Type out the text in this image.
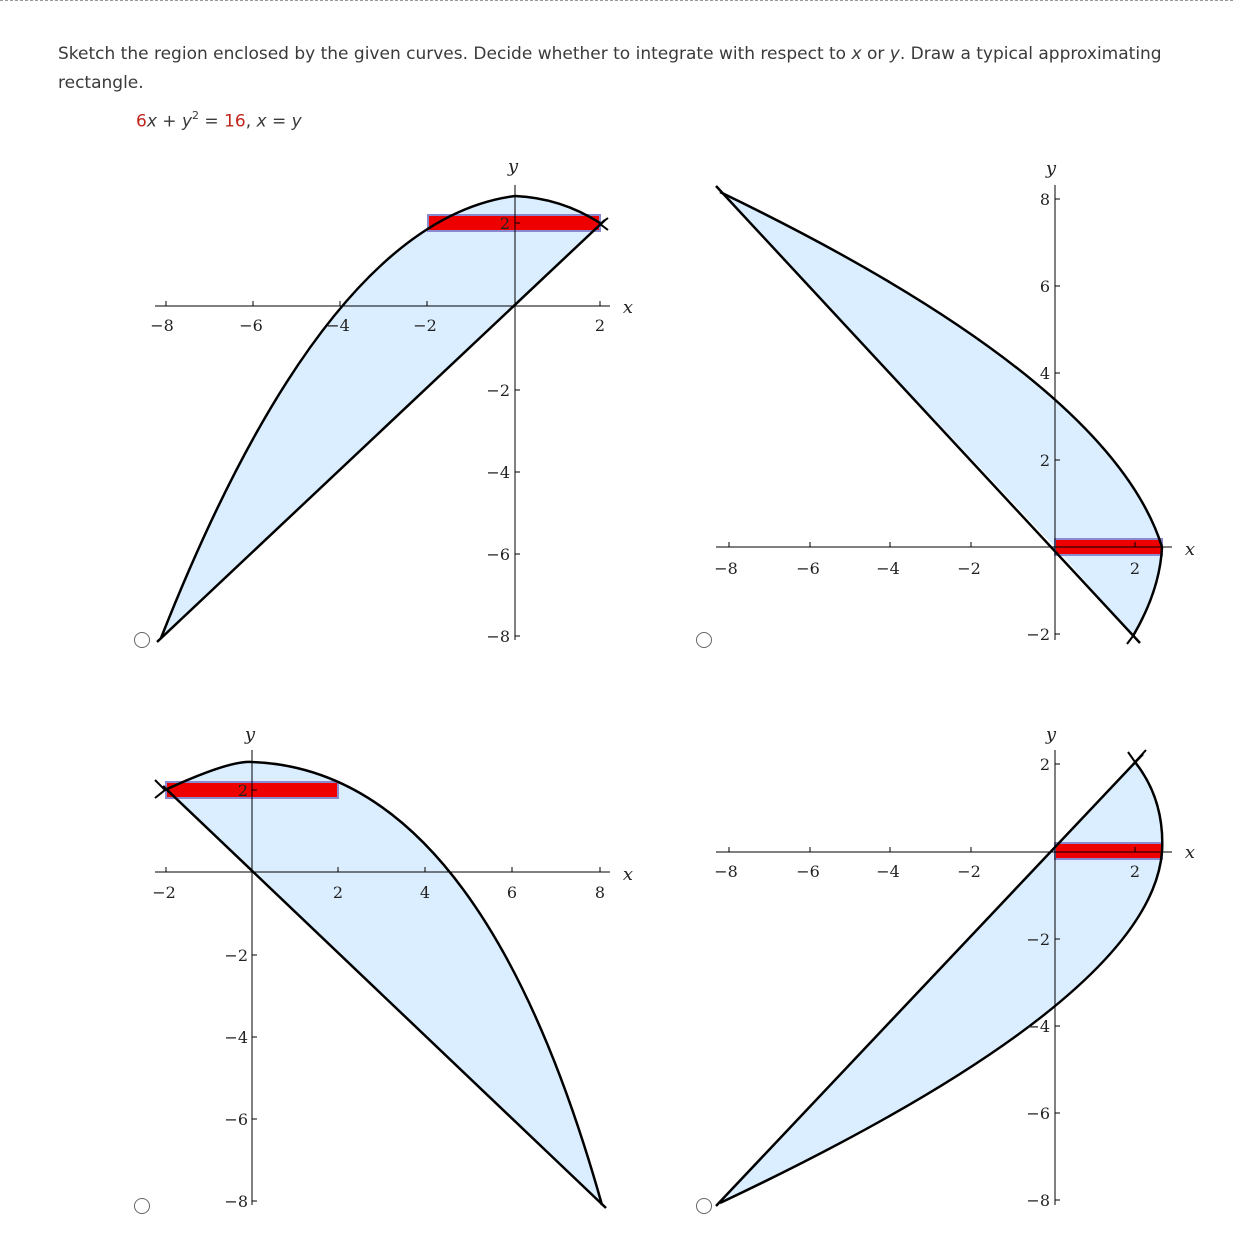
Sketch the region enclosed by the given curves. Decide whether to integrate with respect to x or y. Draw a typical approximating rectangle.
$6x + y^2 = 16$, x = y
y
x
−8	−6	−4	−2	2
2
−2
−4
−6
−8
y
x
−8	−6	−4	−2	2
8
6
4
2
−2
y
x
−2	2	4	6	8
2
−2
−4
−6
−8
y
x
−8	−6	−4	−2	2
2
−2
−4
−6
−8
